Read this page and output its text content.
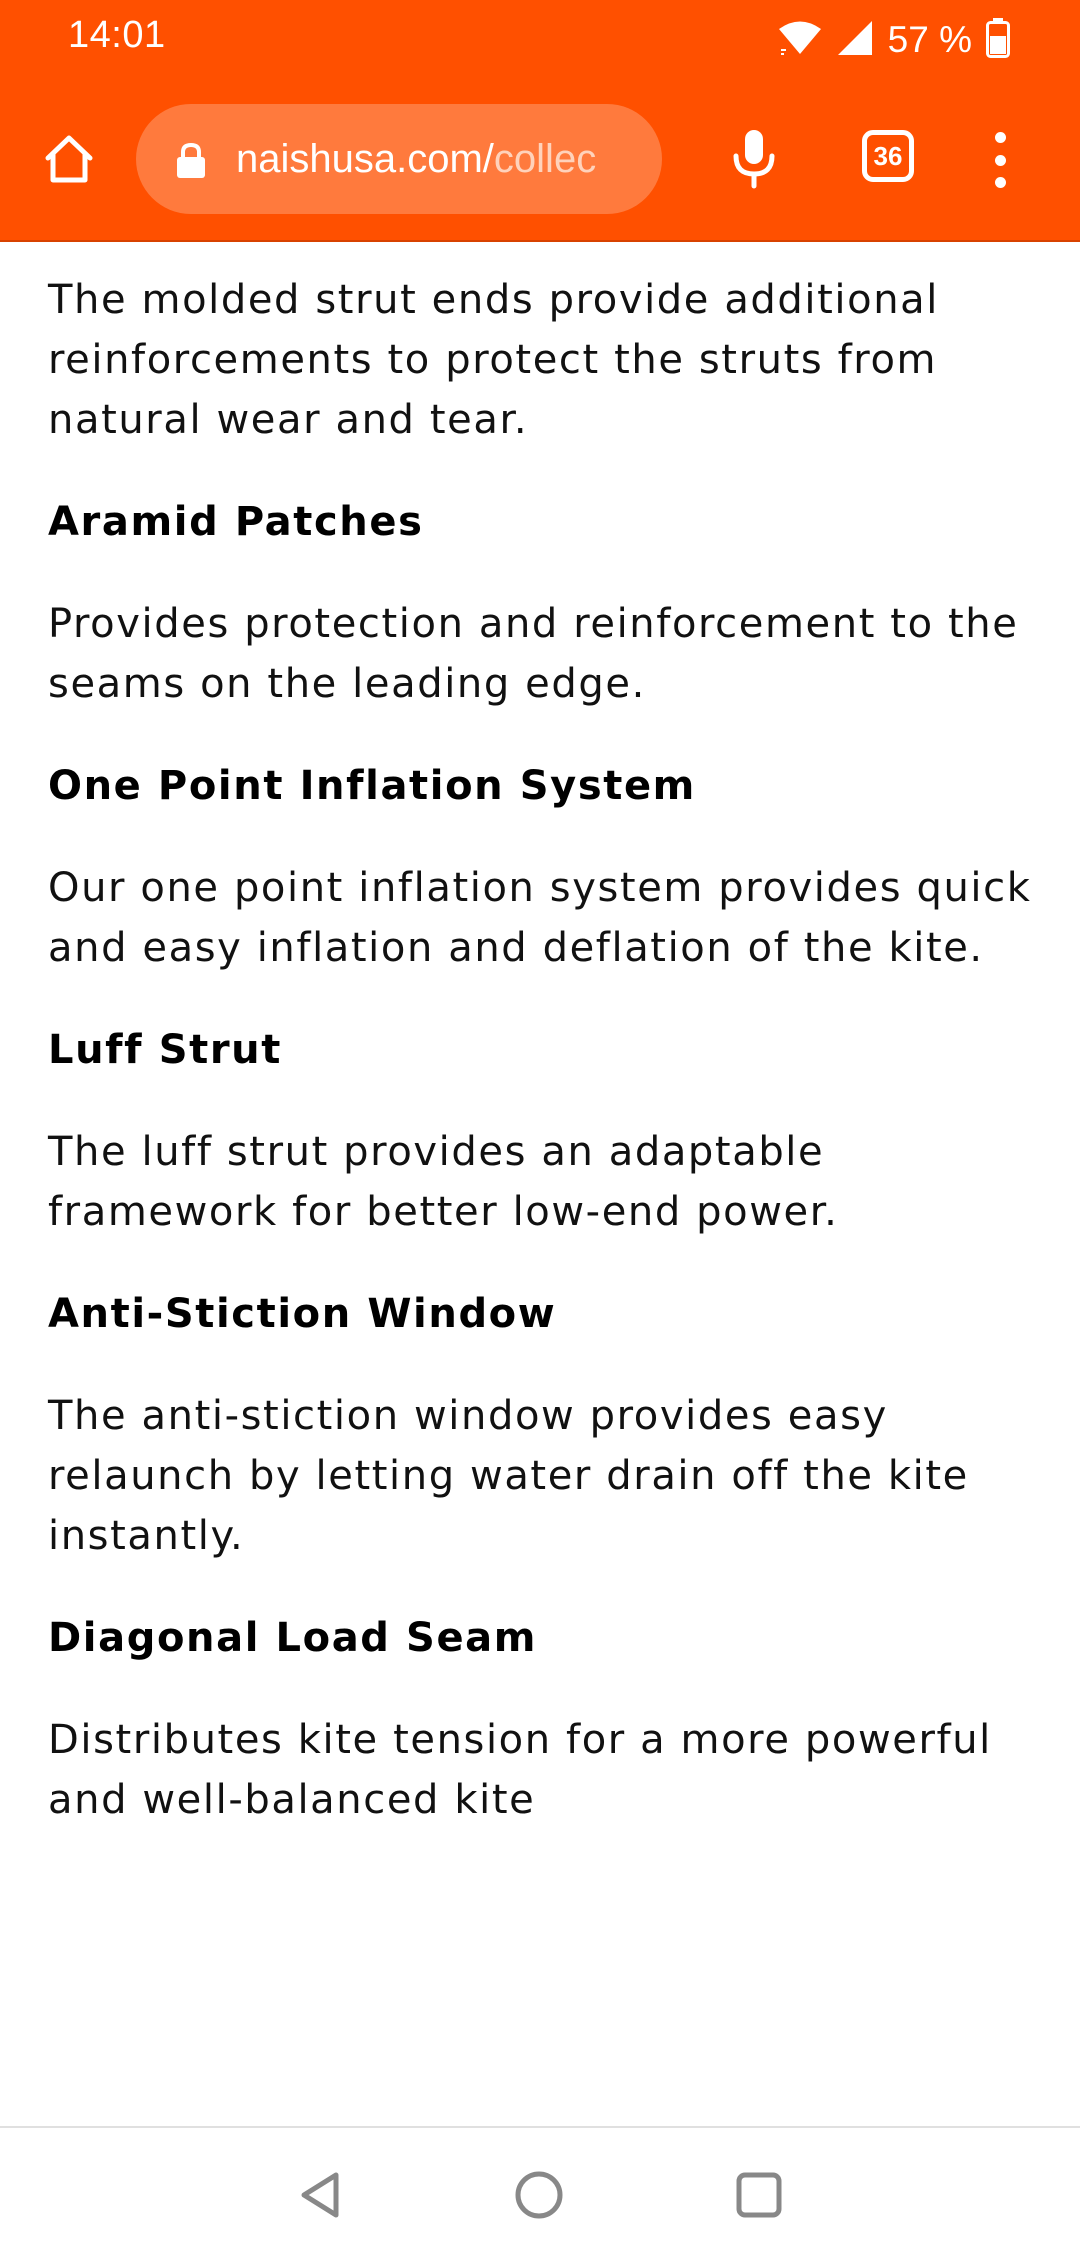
14:01	57 %
naishusa.com/collec	36

The molded strut ends provide additional reinforcements to protect the struts from natural wear and tear.

Aramid Patches

Provides protection and reinforcement to the seams on the leading edge.

One Point Inflation System

Our one point inflation system provides quick and easy inflation and deflation of the kite.

Luff Strut

The luff strut provides an adaptable framework for better low-end power.

Anti-Stiction Window

The anti-stiction window provides easy relaunch by letting water drain off the kite instantly.

Diagonal Load Seam

Distributes kite tension for a more powerful and well-balanced kite
